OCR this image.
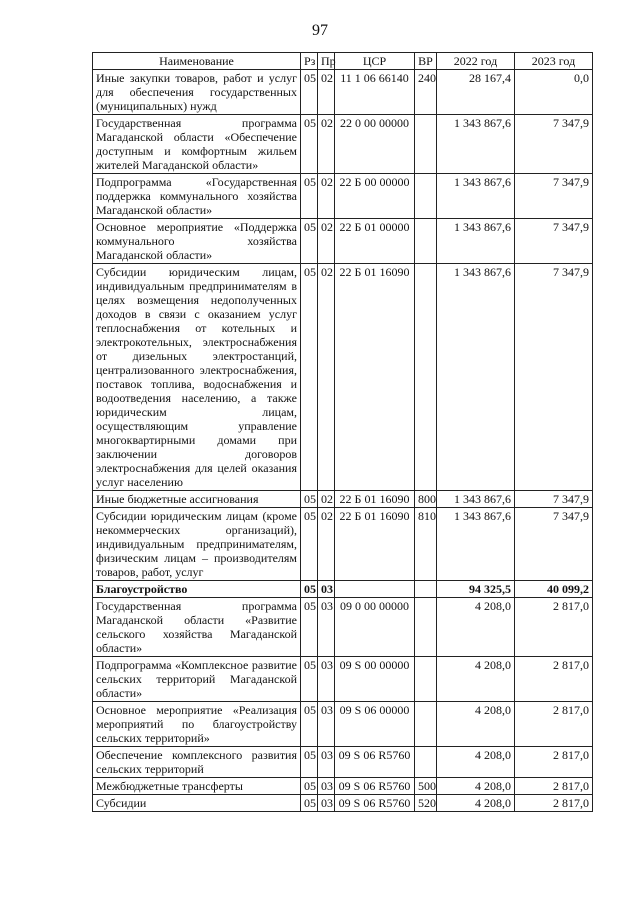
97
Наименование	Рз	Пр	ЦСР	ВР	2022 год	2023 год
Иные закупки товаров, работ и услуг для обеспечения государственных (муниципальных) нужд	05	02	11 1 06 66140	240	28 167,4	0,0
Государственная программа Магаданской области «Обеспечение доступным и комфортным жильем жителей Магаданской области»	05	02	22 0 00 00000		1 343 867,6	7 347,9
Подпрограмма «Государственная поддержка коммунального хозяйства Магаданской области»	05	02	22 Б 00 00000		1 343 867,6	7 347,9
Основное мероприятие «Поддержка коммунального хозяйства Магаданской области»	05	02	22 Б 01 00000		1 343 867,6	7 347,9
Субсидии юридическим лицам, индивидуальным предпринимателям в целях возмещения недополученных доходов в связи с оказанием услуг теплоснабжения от котельных и электрокотельных, электроснабжения от дизельных электростанций, централизованного электроснабжения, поставок топлива, водоснабжения и водоотведения населению, а также юридическим лицам, осуществляющим управление многоквартирными домами при заключении договоров электроснабжения для целей оказания услуг населению	05	02	22 Б 01 16090		1 343 867,6	7 347,9
Иные бюджетные ассигнования	05	02	22 Б 01 16090	800	1 343 867,6	7 347,9
Субсидии юридическим лицам (кроме некоммерческих организаций), индивидуальным предпринимателям, физическим лицам – производителям товаров, работ, услуг	05	02	22 Б 01 16090	810	1 343 867,6	7 347,9
Благоустройство	05	03			94 325,5	40 099,2
Государственная программа Магаданской области «Развитие сельского хозяйства Магаданской области»	05	03	09 0 00 00000		4 208,0	2 817,0
Подпрограмма «Комплексное развитие сельских территорий Магаданской области»	05	03	09 S 00 00000		4 208,0	2 817,0
Основное мероприятие «Реализация мероприятий по благоустройству сельских территорий»	05	03	09 S 06 00000		4 208,0	2 817,0
Обеспечение комплексного развития сельских территорий	05	03	09 S 06 R5760		4 208,0	2 817,0
Межбюджетные трансферты	05	03	09 S 06 R5760	500	4 208,0	2 817,0
Субсидии	05	03	09 S 06 R5760	520	4 208,0	2 817,0
